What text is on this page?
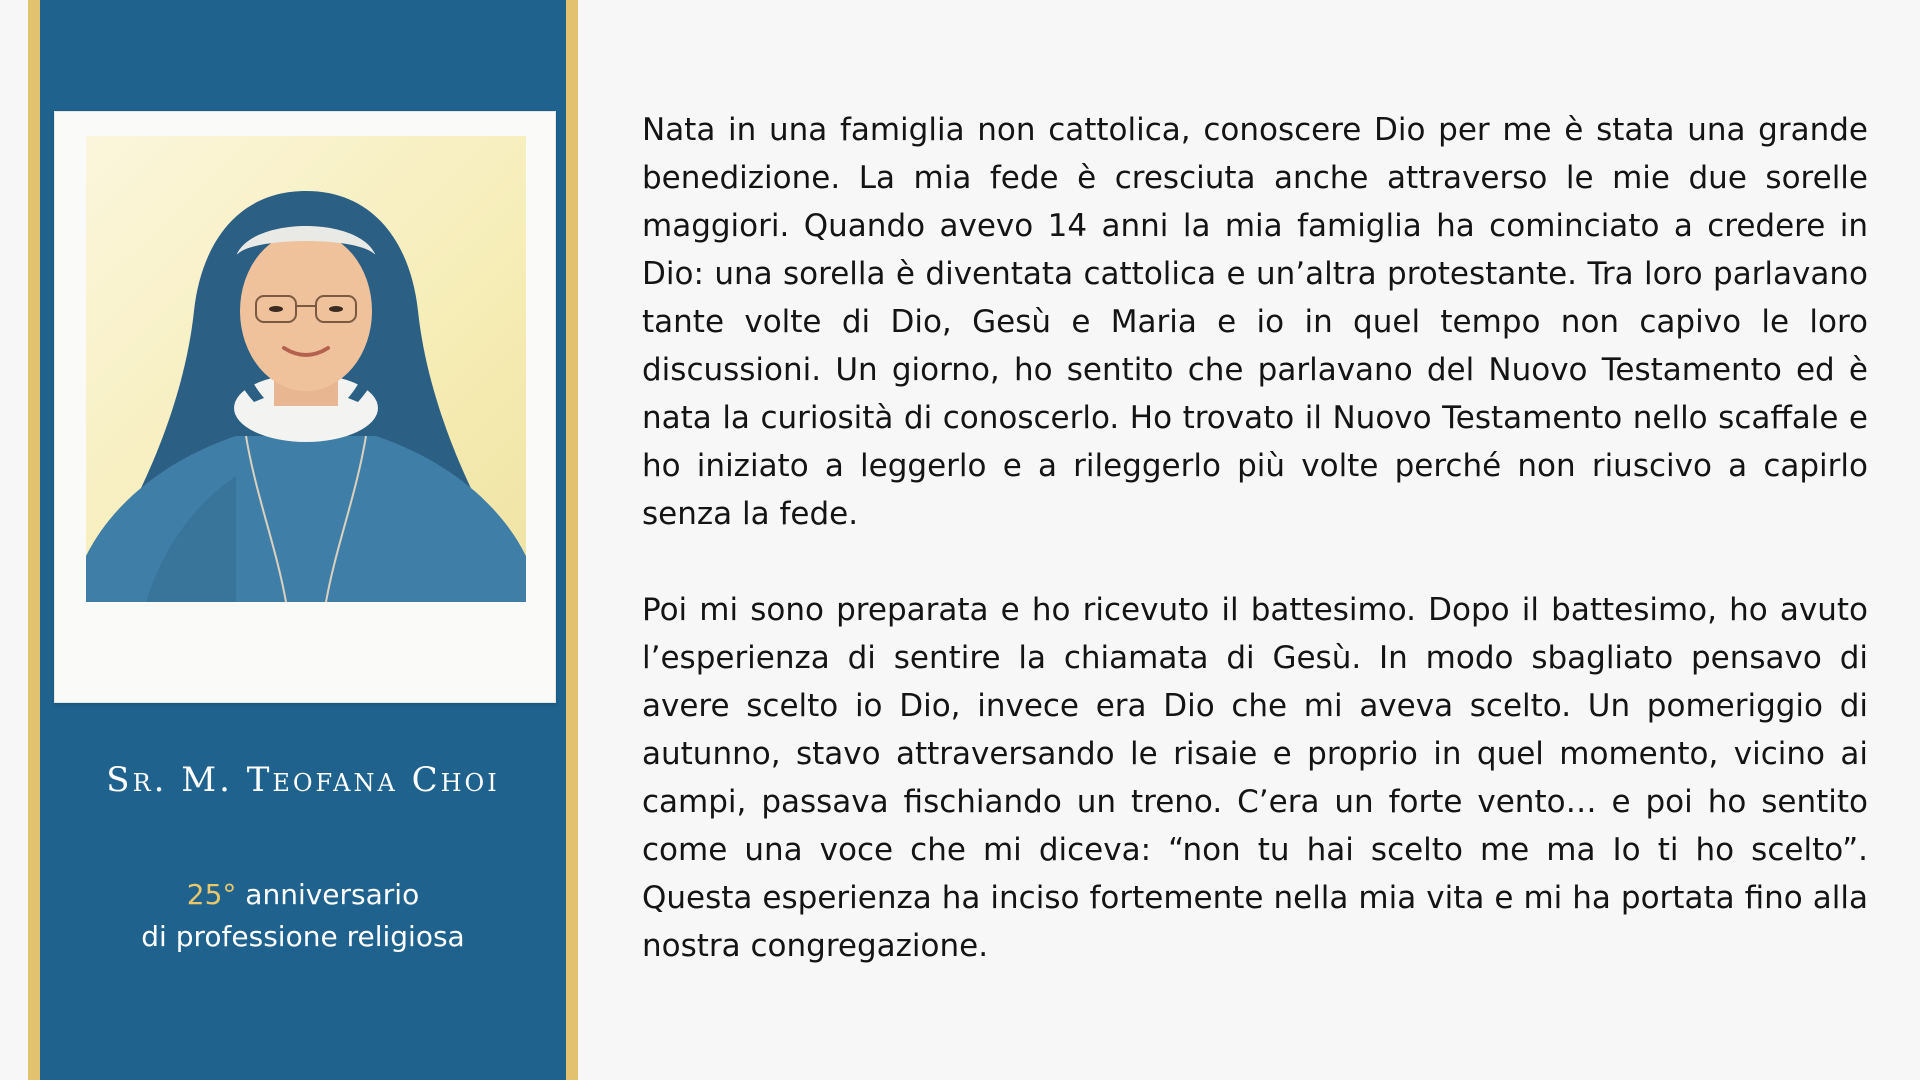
Sr. M. Teofana Choi
25° anniversario
di professione religiosa

Nata in una famiglia non cattolica, conoscere Dio per me è stata una grande benedizione. La mia fede è cresciuta anche attraverso le mie due sorelle maggiori. Quando avevo 14 anni la mia famiglia ha cominciato a credere in Dio: una sorella è diventata cattolica e un’altra protestante. Tra loro parlavano tante volte di Dio, Gesù e Maria e io in quel tempo non capivo le loro discussioni. Un giorno, ho sentito che parlavano del Nuovo Testamento ed è nata la curiosità di conoscerlo. Ho trovato il Nuovo Testamento nello scaffale e ho iniziato a leggerlo e a rileggerlo più volte perché non riuscivo a capirlo senza la fede.

Poi mi sono preparata e ho ricevuto il battesimo. Dopo il battesimo, ho avuto l’esperienza di sentire la chiamata di Gesù. In modo sbagliato pensavo di avere scelto io Dio, invece era Dio che mi aveva scelto. Un pomeriggio di autunno, stavo attraversando le risaie e proprio in quel momento, vicino ai campi, passava fischiando un treno. C’era un forte vento… e poi ho sentito come una voce che mi diceva: “non tu hai scelto me ma Io ti ho scelto”. Questa esperienza ha inciso fortemente nella mia vita e mi ha portata fino alla nostra congregazione.
